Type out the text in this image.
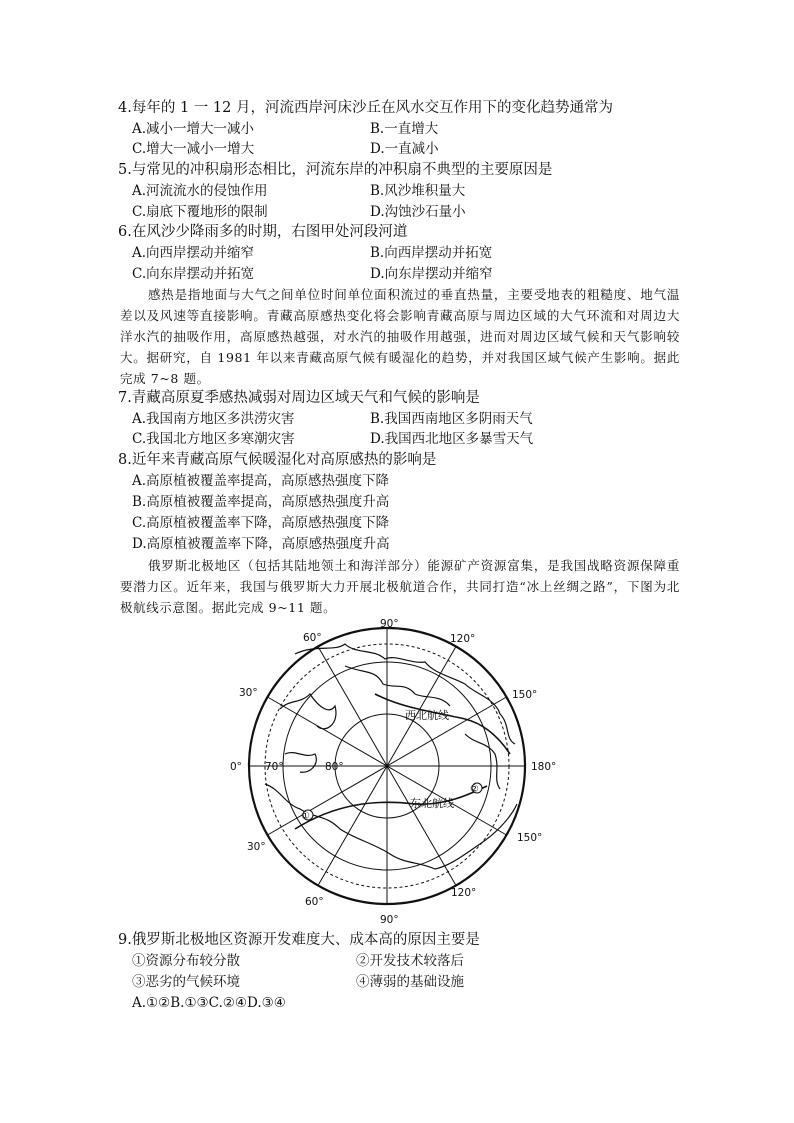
4.每年的 1 一 12 月，河流西岸河床沙丘在风水交互作用下的变化趋势通常为
A.减小一增大一减小	B.一直增大
C.增大一减小一增大	D.一直减小
5.与常见的冲积扇形态相比，河流东岸的冲积扇不典型的主要原因是
A.河流流水的侵蚀作用	B.风沙堆积量大
C.扇底下覆地形的限制	D.沟蚀沙石量小
6.在风沙少降雨多的时期，右图甲处河段河道
A.向西岸摆动并缩窄	B.向西岸摆动并拓宽
C.向东岸摆动并拓宽	D.向东岸摆动并缩窄

感热是指地面与大气之间单位时间单位面积流过的垂直热量，主要受地表的粗糙度、地气温差以及风速等直接影响。青藏高原感热变化将会影响青藏高原与周边区域的大气环流和对周边大洋水汽的抽吸作用，高原感热越强，对水汽的抽吸作用越强，进而对周边区域气候和天气影响较大。据研究，自 1981 年以来青藏高原气候有暖湿化的趋势，并对我国区域气候产生影响。据此完成 7~8 题。

7.青藏高原夏季感热减弱对周边区域天气和气候的影响是
A.我国南方地区多洪涝灾害	B.我国西南地区多阴雨天气
C.我国北方地区多寒潮灾害	D.我国西北地区多暴雪天气
8.近年来青藏高原气候暖湿化对高原感热的影响是
A.高原植被覆盖率提高，高原感热强度下降
B.高原植被覆盖率提高，高原感热强度升高
C.高原植被覆盖率下降，高原感热强度下降
D.高原植被覆盖率下降，高原感热强度升高

俄罗斯北极地区（包括其陆地领土和海洋部分）能源矿产资源富集，是我国战略资源保障重要潜力区。近年来，我国与俄罗斯大力开展北极航道合作，共同打造“冰上丝绸之路”，下图为北极航线示意图。据此完成 9~11 题。

90°
90°
120°
150°
180°
150°
120°
60°
30°
0°
30°
60°
70°	80°
西北航线
东北航线
①
②
9.俄罗斯北极地区资源开发难度大、成本高的原因主要是
①资源分布较分散	②开发技术较落后
③恶劣的气候环境	④薄弱的基础设施
A.①②B.①③C.②④D.③④
